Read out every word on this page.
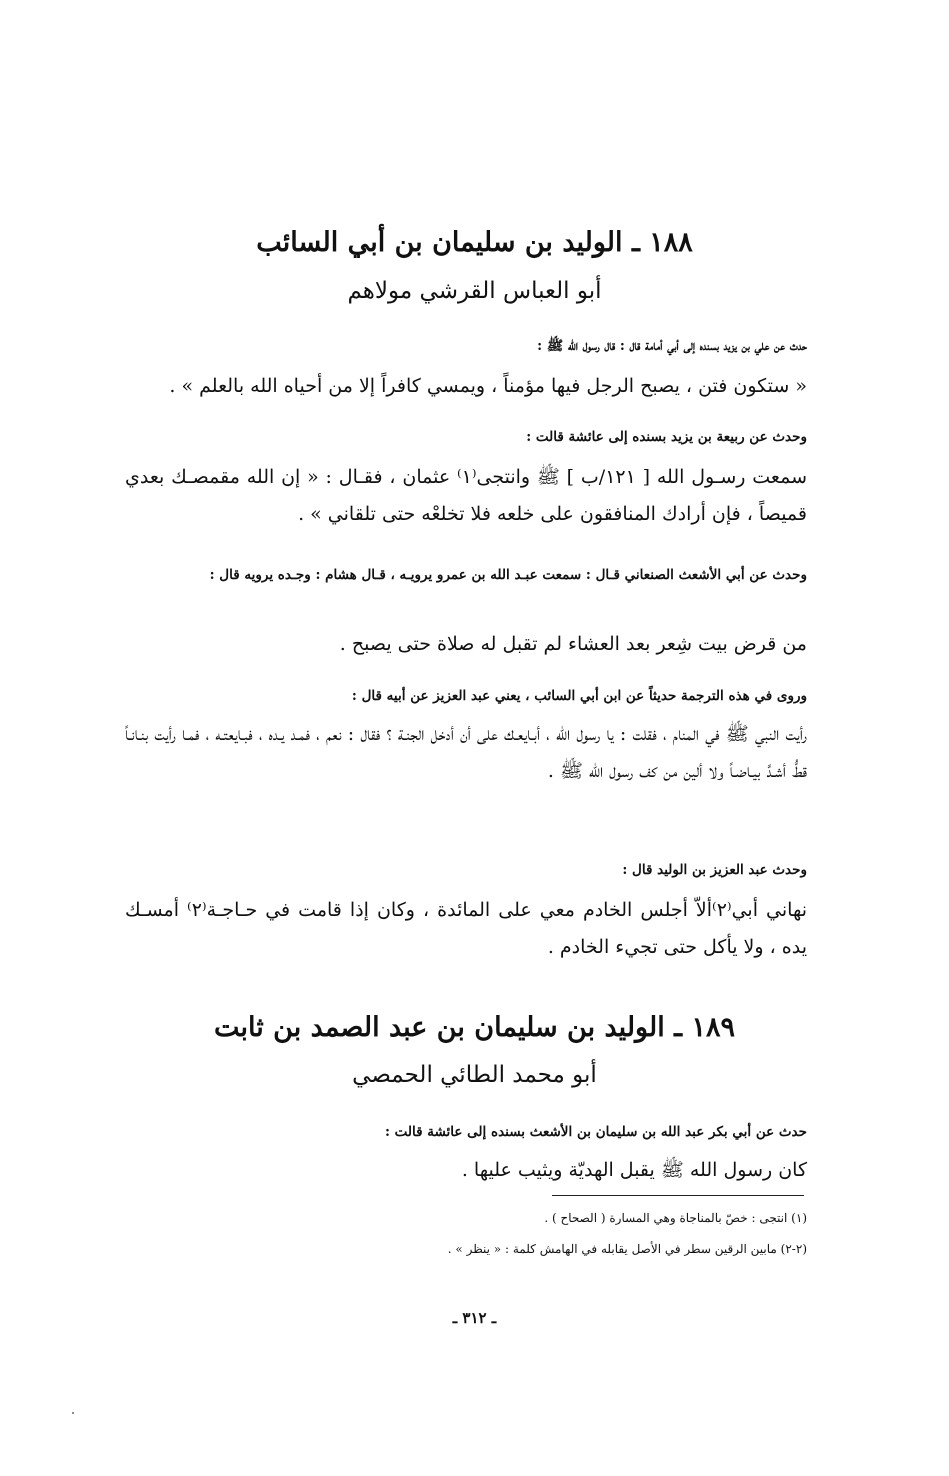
١٨٨ ـ الوليد بن سليمان بن أبي السائب
أبو العباس القرشي مولاهم
حدث عن علي بن يزيد بسنده إلى أبي أمامة قال : قال رسول الله ﷺ :
« ستكون فتن ، يصبح الرجل فيها مؤمناً ، ويمسي كافراً إلا من أحياه الله بالعلم » .
وحدث عن ربيعة بن يزيد بسنده إلى عائشة قالت :
سمعت رسـول الله [ ١٢١/ب ] ﷺ وانتجى⁽١⁾ عثمان ، فقـال : « إن الله مقمصـك بعدي قميصاً ، فإن أرادك المنافقون على خلعه فلا تخلعْه حتى تلقاني » .
وحدث عن أبي الأشعث الصنعاني قـال : سمعت عبـد الله بن عمرو يرويـه ، قـال هشام : وجـده يرويه قال :
من قرض بيت شِعر بعد العشاء لم تقبل له صلاة حتى يصبح .
وروى في هذه الترجمة حديثاً عن ابن أبي السائب ، يعني عبد العزيز عن أبيه قال :
رأيت النبي ﷺ في المنام ، فقلت : يا رسول الله ، أبـايعـك على أن أدخل الجنـة ؟ فقال : نعم ، فمـد يـده ، فبـايعتـه ، فمـا رأيت بنـانـاً قطُّ أشـدَّ بيـاضـاً ولا ألين من كف رسول الله ﷺ .
وحدث عبد العزيز بن الوليد قال :
نهاني أبي⁽٢⁾ألاّ أجلس الخادم معي على المائدة ، وكان إذا قامت في حـاجـة⁽٢⁾ أمسـك يده ، ولا يأكل حتى تجيء الخادم .
١٨٩ ـ الوليد بن سليمان بن عبد الصمد بن ثابت
أبو محمد الطائي الحمصي
حدث عن أبي بكر عبد الله بن سليمان بن الأشعث بسنده إلى عائشة قالت :
كان رسول الله ﷺ يقبل الهديّة ويثيب عليها .
(١) انتجى : خصّ بالمناجاة وهي المسارة ( الصحاح ) .
(٢-٢) مابين الرقين سطر في الأصل يقابله في الهامش كلمة : « ينظر » .
ـ ٣١٢ ـ
